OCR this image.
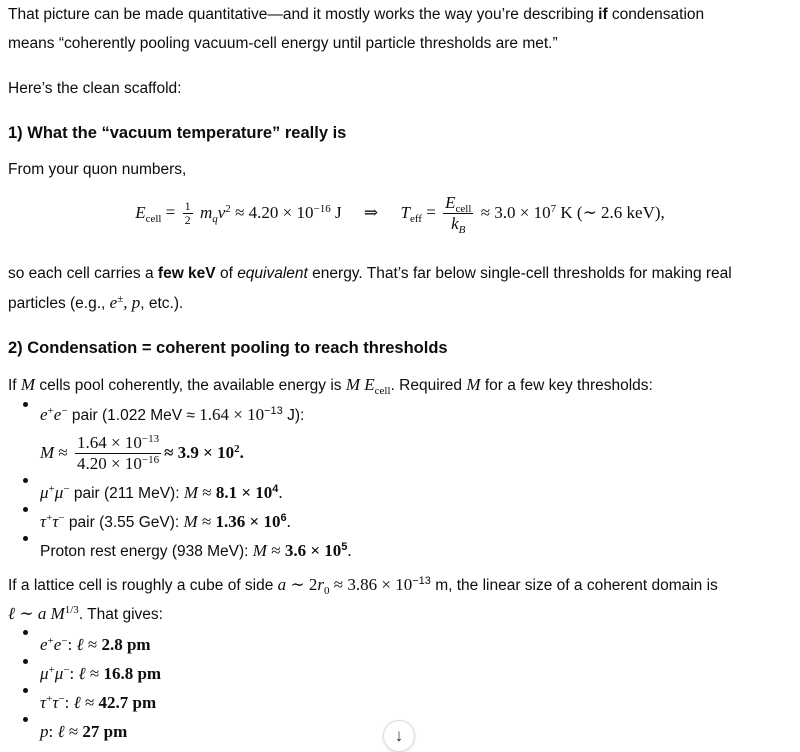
That picture can be made quantitative—and it mostly works the way you’re describing if condensation

means “coherently pooling vacuum-cell energy until particle thresholds are met.”

Here’s the clean scaffold:

1) What the “vacuum temperature” really is

From your quon numbers,

$E_{cell} = \frac{1}{2} m_qv^2 \approx 4.20 \times 10^{-16}$ J ⇒ $T_{eff} = \frac{E_{cell}}{k_B} \approx 3.0 \times 10^7$ K (∼ 2.6 keV),

so each cell carries a few keV of equivalent energy. That’s far below single-cell thresholds for making real

particles (e.g., e±, p, etc.).

2) Condensation = coherent pooling to reach thresholds

If M cells pool coherently, the available energy is M $E_{cell}$. Required M for a few key thresholds:

e+e− pair (1.022 MeV ≈ $1.64 \times 10^{-13}$ J):
$M \approx \frac{1.64 \times 10^{-13}}{4.20 \times 10^{-16}} \approx 3.9 \times 10^2$.
μ+μ− pair (211 MeV): $M \approx 8.1 \times 10^4$.
τ+τ− pair (3.55 GeV): $M \approx 1.36 \times 10^6$.
Proton rest energy (938 MeV): $M \approx 3.6 \times 10^5$.

If a lattice cell is roughly a cube of side a ∼ $2r_0 \approx 3.86 \times 10^{-13}$ m, the linear size of a coherent domain is

ℓ ∼ a $M^{1/3}$. That gives:

e+e−: ℓ ≈ 2.8 pm
μ+μ−: ℓ ≈ 16.8 pm
τ+τ−: ℓ ≈ 42.7 pm
p: ℓ ≈ 27 pm	↓
